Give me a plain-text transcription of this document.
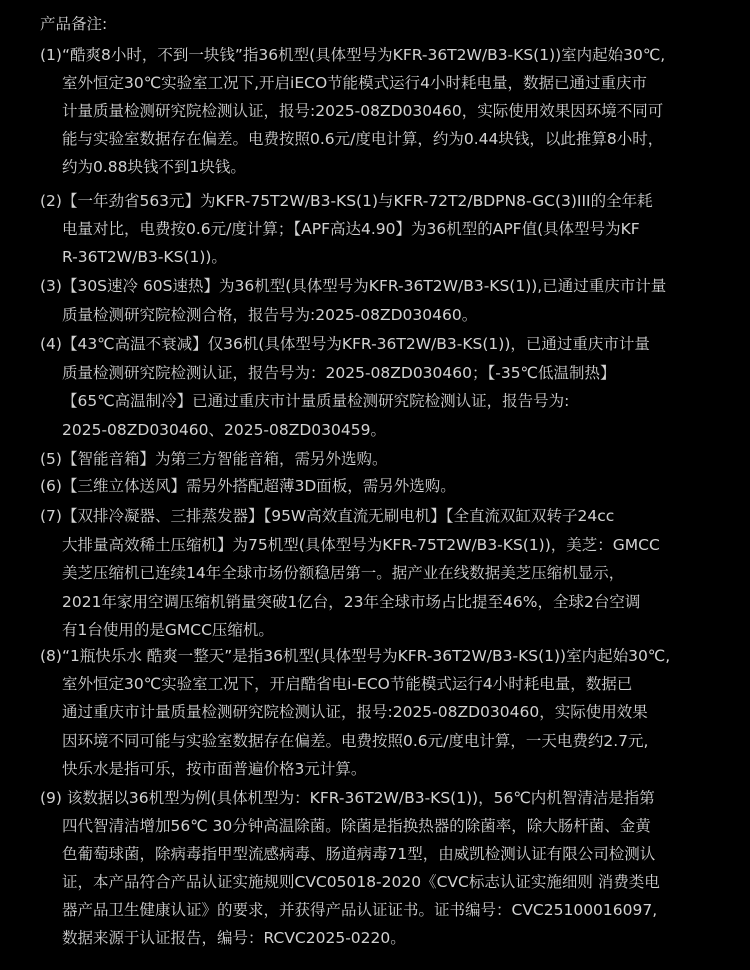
产品备注:
(1)“酷爽8小时，不到一块钱”指36机型(具体型号为KFR-36T2W/B3-KS(1))室内起始30℃,
室外恒定30℃实验室工况下,开启iECO节能模式运行4小时耗电量，数据已通过重庆市
计量质量检测研究院检测认证，报号:2025-08ZD030460，实际使用效果因环境不同可
能与实验室数据存在偏差。电费按照0.6元/度电计算，约为0.44块钱，以此推算8小时，
约为0.88块钱不到1块钱。
(2)【一年劲省563元】为KFR-75T2W/B3-KS(1)与KFR-72T2/BDPN8-GC(3)III的全年耗
电量对比，电费按0.6元/度计算；【APF高达4.90】为36机型的APF值(具体型号为KF
R-36T2W/B3-KS(1))。
(3)【30S速冷 60S速热】为36机型(具体型号为KFR-36T2W/B3-KS(1)),已通过重庆市计量
质量检测研究院检测合格，报告号为:2025-08ZD030460。
(4)【43℃高温不衰减】仅36机(具体型号为KFR-36T2W/B3-KS(1))，已通过重庆市计量
质量检测研究院检测认证，报告号为：2025-08ZD030460；【-35℃低温制热】
【65℃高温制冷】已通过重庆市计量质量检测研究院检测认证，报告号为:
2025-08ZD030460、2025-08ZD030459。
(5)【智能音箱】为第三方智能音箱，需另外选购。
(6)【三维立体送风】需另外搭配超薄3D面板，需另外选购。
(7)【双排冷凝器、三排蒸发器】【95W高效直流无刷电机】【全直流双缸双转子24cc
大排量高效稀土压缩机】为75机型(具体型号为KFR-75T2W/B3-KS(1))，美芝：GMCC
美芝压缩机已连续14年全球市场份额稳居第一。据产业在线数据美芝压缩机显示，
2021年家用空调压缩机销量突破1亿台，23年全球市场占比提至46%，全球2台空调
有1台使用的是GMCC压缩机。
(8)“1瓶快乐水 酷爽一整天”是指36机型(具体型号为KFR-36T2W/B3-KS(1))室内起始30℃,
室外恒定30℃实验室工况下，开启酷省电i-ECO节能模式运行4小时耗电量，数据已
通过重庆市计量质量检测研究院检测认证，报号:2025-08ZD030460，实际使用效果
因环境不同可能与实验室数据存在偏差。电费按照0.6元/度电计算，一天电费约2.7元,
快乐水是指可乐，按市面普遍价格3元计算。
(9) 该数据以36机型为例(具体机型为：KFR-36T2W/B3-KS(1))，56℃内机智清洁是指第
四代智清洁增加56℃ 30分钟高温除菌。除菌是指换热器的除菌率，除大肠杆菌、金黄
色葡萄球菌，除病毒指甲型流感病毒、肠道病毒71型，由威凯检测认证有限公司检测认
证，本产品符合产品认证实施规则CVC05018-2020《CVC标志认证实施细则 消费类电
器产品卫生健康认证》的要求，并获得产品认证证书。证书编号：CVC25100016097,
数据来源于认证报告，编号：RCVC2025-0220。
